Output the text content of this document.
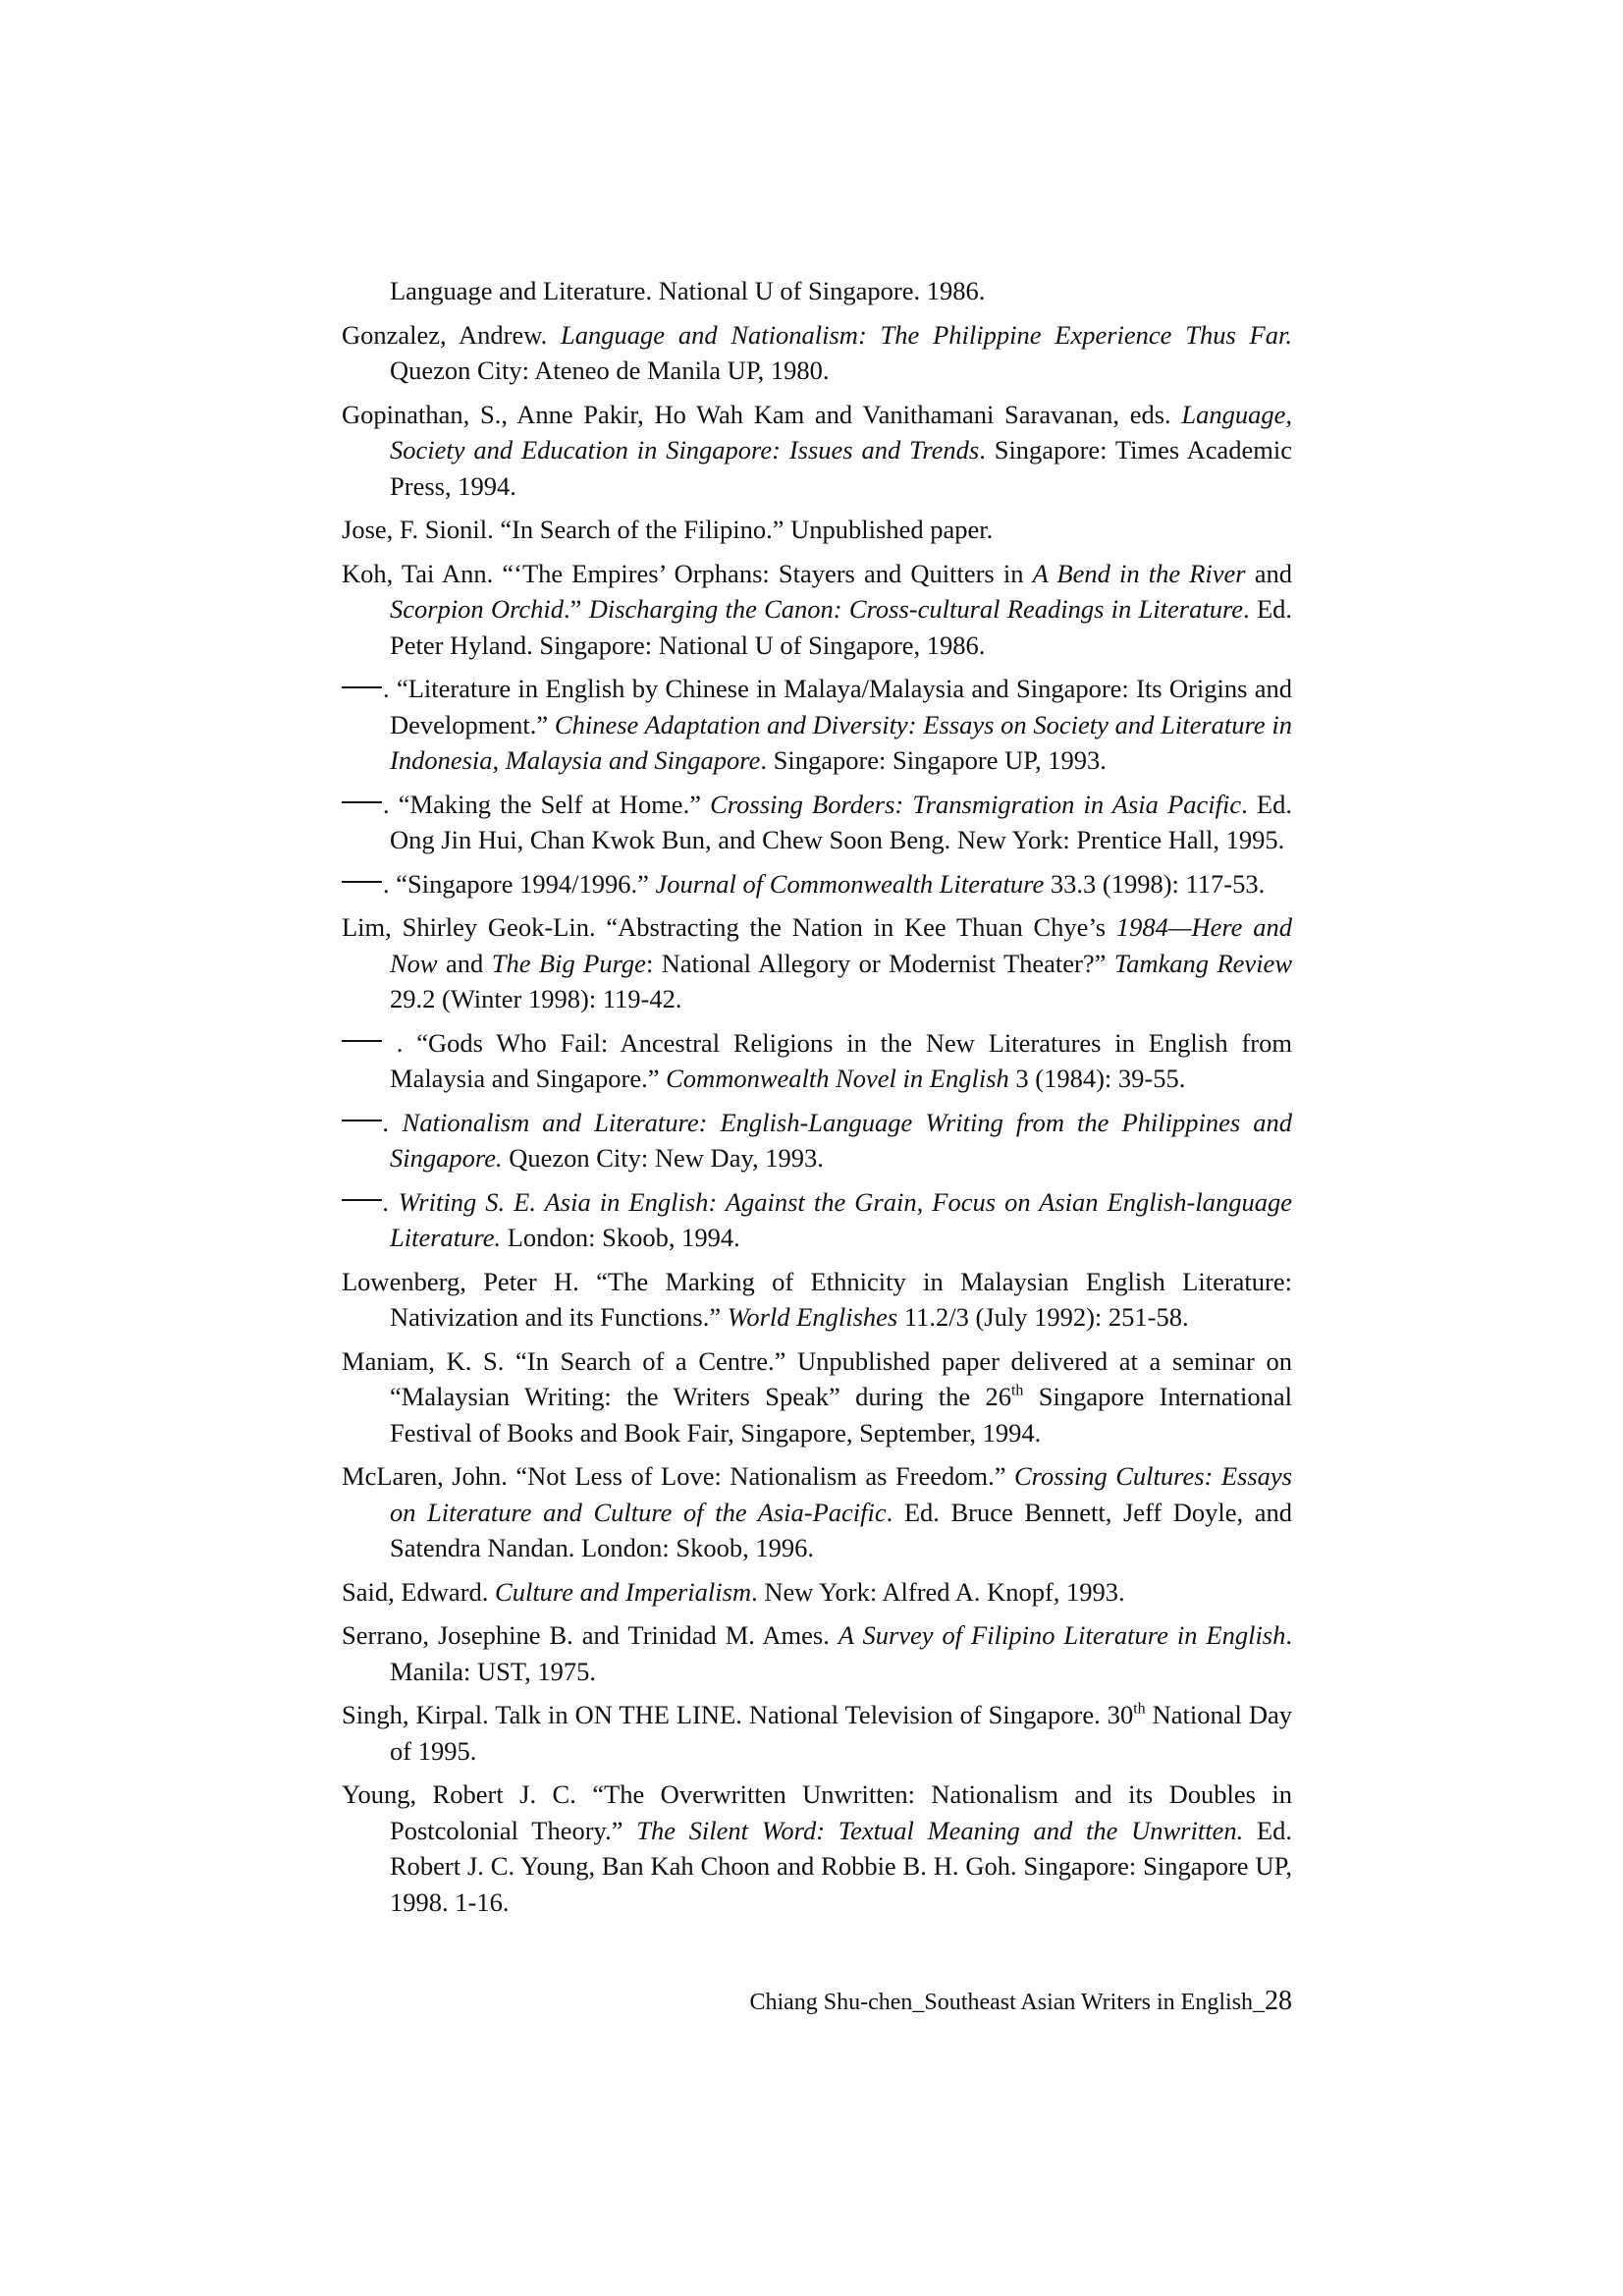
Language and Literature. National U of Singapore. 1986.

Gonzalez, Andrew. Language and Nationalism: The Philippine Experience Thus Far. Quezon City: Ateneo de Manila UP, 1980.

Gopinathan, S., Anne Pakir, Ho Wah Kam and Vanithamani Saravanan, eds. Language, Society and Education in Singapore: Issues and Trends. Singapore: Times Academic Press, 1994.

Jose, F. Sionil. “In Search of the Filipino.” Unpublished paper.

Koh, Tai Ann. “‘The Empires’ Orphans: Stayers and Quitters in A Bend in the River and Scorpion Orchid.” Discharging the Canon: Cross-cultural Readings in Literature. Ed. Peter Hyland. Singapore: National U of Singapore, 1986.

. “Literature in English by Chinese in Malaya/Malaysia and Singapore: Its Origins and Development.” Chinese Adaptation and Diversity: Essays on Society and Literature in Indonesia, Malaysia and Singapore. Singapore: Singapore UP, 1993.

. “Making the Self at Home.” Crossing Borders: Transmigration in Asia Pacific. Ed. Ong Jin Hui, Chan Kwok Bun, and Chew Soon Beng. New York: Prentice Hall, 1995.

. “Singapore 1994/1996.” Journal of Commonwealth Literature 33.3 (1998): 117-53.

Lim, Shirley Geok-Lin. “Abstracting the Nation in Kee Thuan Chye’s 1984—Here and Now and The Big Purge: National Allegory or Modernist Theater?” Tamkang Review 29.2 (Winter 1998): 119-42.

. “Gods Who Fail: Ancestral Religions in the New Literatures in English from Malaysia and Singapore.” Commonwealth Novel in English 3 (1984): 39-55.

. Nationalism and Literature: English-Language Writing from the Philippines and Singapore. Quezon City: New Day, 1993.

. Writing S. E. Asia in English: Against the Grain, Focus on Asian English-language Literature. London: Skoob, 1994.

Lowenberg, Peter H. “The Marking of Ethnicity in Malaysian English Literature: Nativization and its Functions.” World Englishes 11.2/3 (July 1992): 251-58.

Maniam, K. S. “In Search of a Centre.” Unpublished paper delivered at a seminar on “Malaysian Writing: the Writers Speak” during the 26th Singapore International Festival of Books and Book Fair, Singapore, September, 1994.

McLaren, John. “Not Less of Love: Nationalism as Freedom.” Crossing Cultures: Essays on Literature and Culture of the Asia-Pacific. Ed. Bruce Bennett, Jeff Doyle, and Satendra Nandan. London: Skoob, 1996.

Said, Edward. Culture and Imperialism. New York: Alfred A. Knopf, 1993.

Serrano, Josephine B. and Trinidad M. Ames. A Survey of Filipino Literature in English. Manila: UST, 1975.

Singh, Kirpal. Talk in ON THE LINE. National Television of Singapore. 30th National Day of 1995.

Young, Robert J. C. “The Overwritten Unwritten: Nationalism and its Doubles in Postcolonial Theory.” The Silent Word: Textual Meaning and the Unwritten. Ed. Robert J. C. Young, Ban Kah Choon and Robbie B. H. Goh. Singapore: Singapore UP, 1998. 1-16.

Chiang Shu-chen_Southeast Asian Writers in English_28
